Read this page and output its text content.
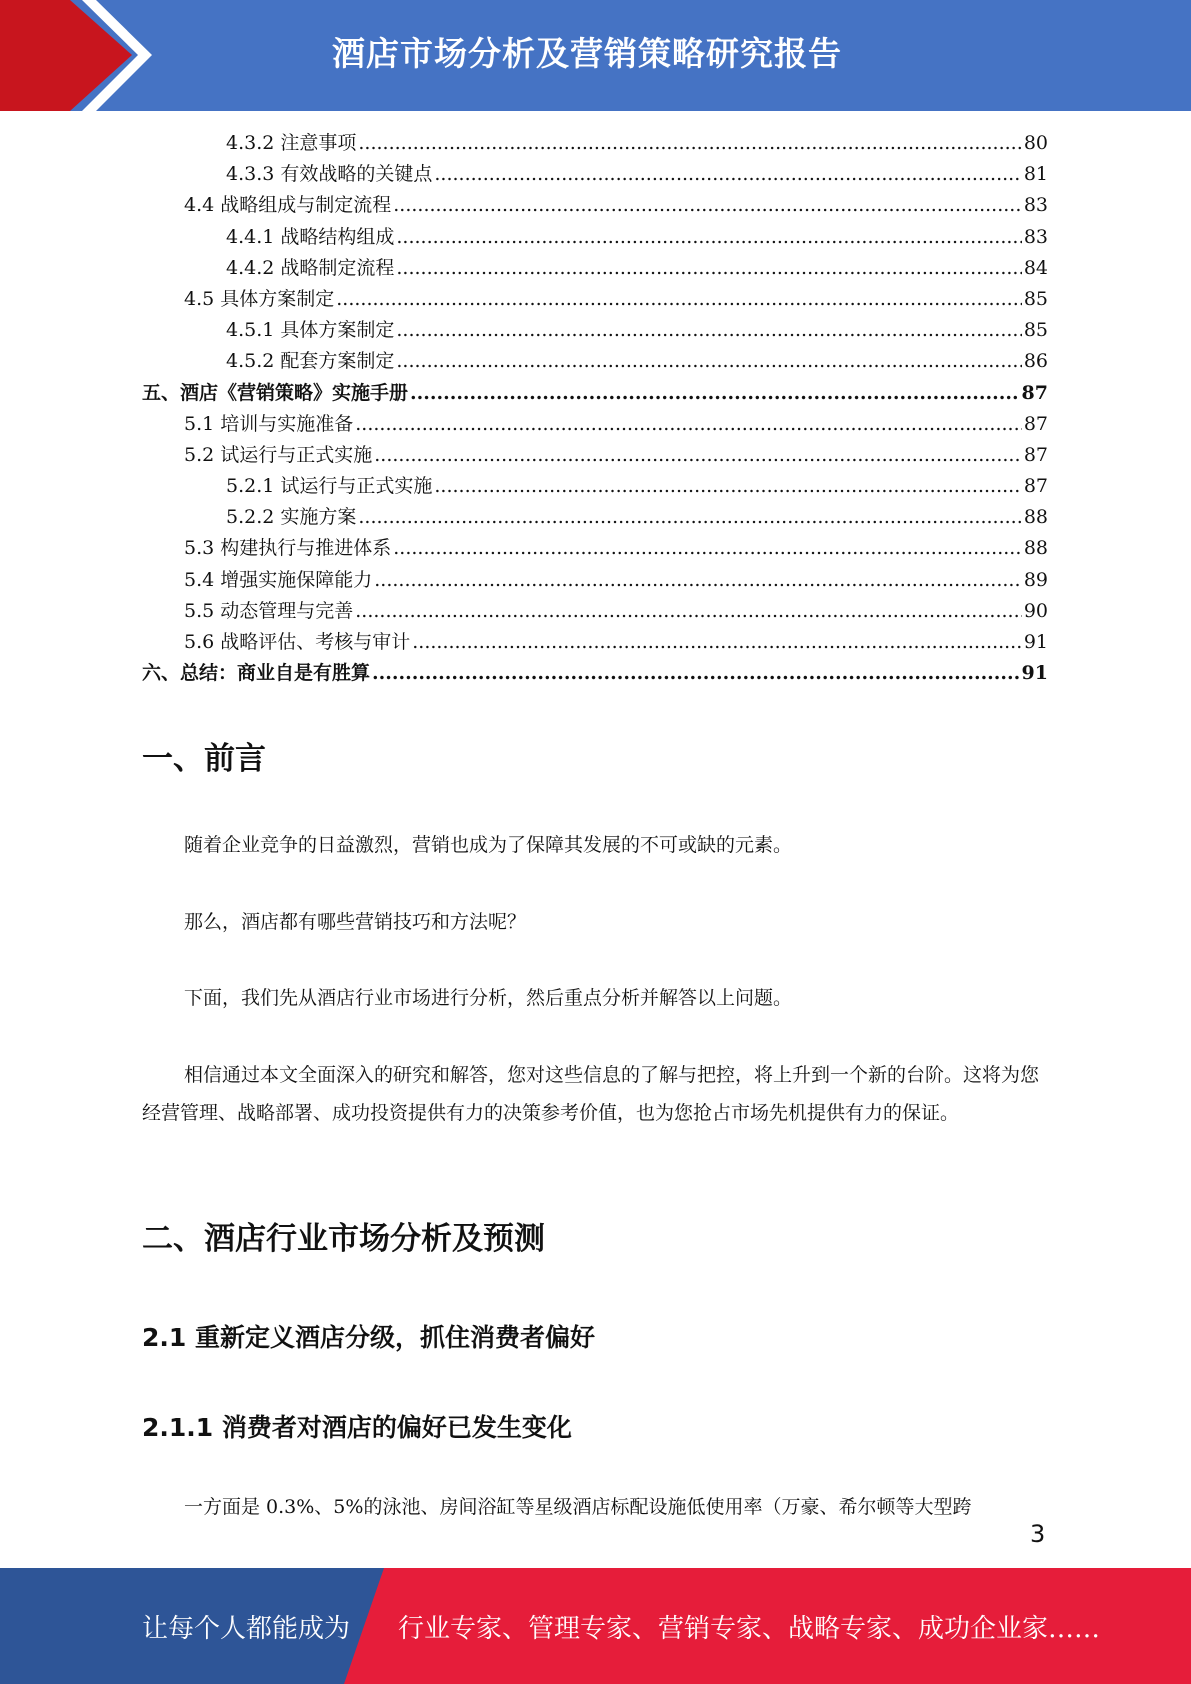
酒店市场分析及营销策略研究报告
4.3.2 注意事项 .....	80
4.3.3 有效战略的关键点 .....	81
4.4 战略组成与制定流程 .....	83
4.4.1 战略结构组成 .....	83
4.4.2 战略制定流程 .....	84
4.5 具体方案制定 .....	85
4.5.1 具体方案制定 .....	85
4.5.2 配套方案制定 .....	86
五、酒店《营销策略》实施手册 .....	87
5.1 培训与实施准备 .....	87
5.2 试运行与正式实施 .....	87
5.2.1 试运行与正式实施 .....	87
5.2.2 实施方案 .....	88
5.3 构建执行与推进体系 .....	88
5.4 增强实施保障能力 .....	89
5.5 动态管理与完善 .....	90
5.6 战略评估、考核与审计 .....	91
六、总结：商业自是有胜算 .....	91
一、前言
随着企业竞争的日益激烈，营销也成为了保障其发展的不可或缺的元素。
那么，酒店都有哪些营销技巧和方法呢？
下面，我们先从酒店行业市场进行分析，然后重点分析并解答以上问题。
相信通过本文全面深入的研究和解答，您对这些信息的了解与把控，将上升到一个新的台阶。这将为您经营管理、战略部署、成功投资提供有力的决策参考价值，也为您抢占市场先机提供有力的保证。
二、酒店行业市场分析及预测
2.1 重新定义酒店分级，抓住消费者偏好
2.1.1 消费者对酒店的偏好已发生变化
一方面是 0.3%、5%的泳池、房间浴缸等星级酒店标配设施低使用率（万豪、希尔顿等大型跨
3
让每个人都能成为 行业专家、管理专家、营销专家、战略专家、成功企业家……
